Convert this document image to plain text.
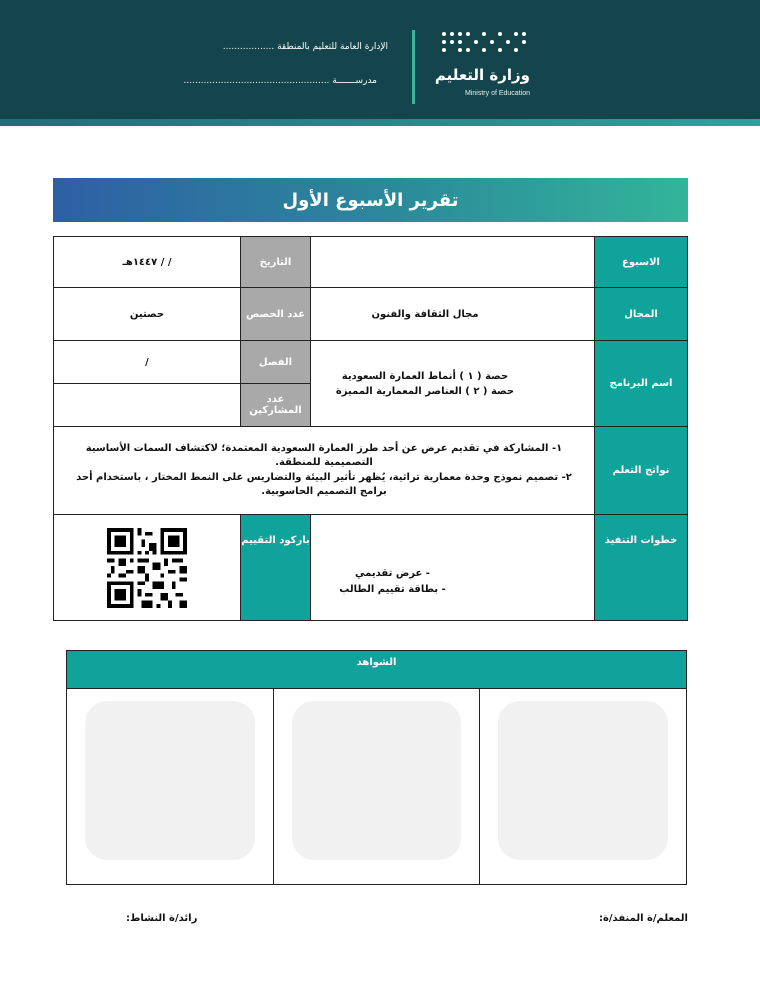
وزارة التعليم
Ministry of Education
الإدارة العامة للتعليم بالمنطقة ..................
مدرســـــــة ...................................................
تقرير الأسبوع الأول
/ / ١٤٤٧هـ	التاريخ		الاسبوع
حصتين	عدد الحصص	مجال الثقافة والفنون	المجال
/	الفصل	حصة ( ١ ) أنماط العمارة السعودية
حصة ( ٢ ) العناصر المعمارية المميزة	اسم البرنامج
	عدد المشاركين		

١- المشاركة في تقديم عرض عن أحد طرز العمارة السعودية المعتمدة؛ لاكتشاف السمات الأساسية التصميمية للمنطقة.
٢- تصميم نموذج وحدة معمارية تراثية، يُظهر تأثير البيئة والتضاريس على النمط المختار ، باستخدام أحد برامج التصميم الحاسوبية.			نواتج التعلم

	باركود التقييم	- عرض تقديمي
- بطاقة تقييم الطالب	خطوات التنفيذ
الشواهد
المعلم/ة المنفذ/ة:
رائد/ة النشاط:
